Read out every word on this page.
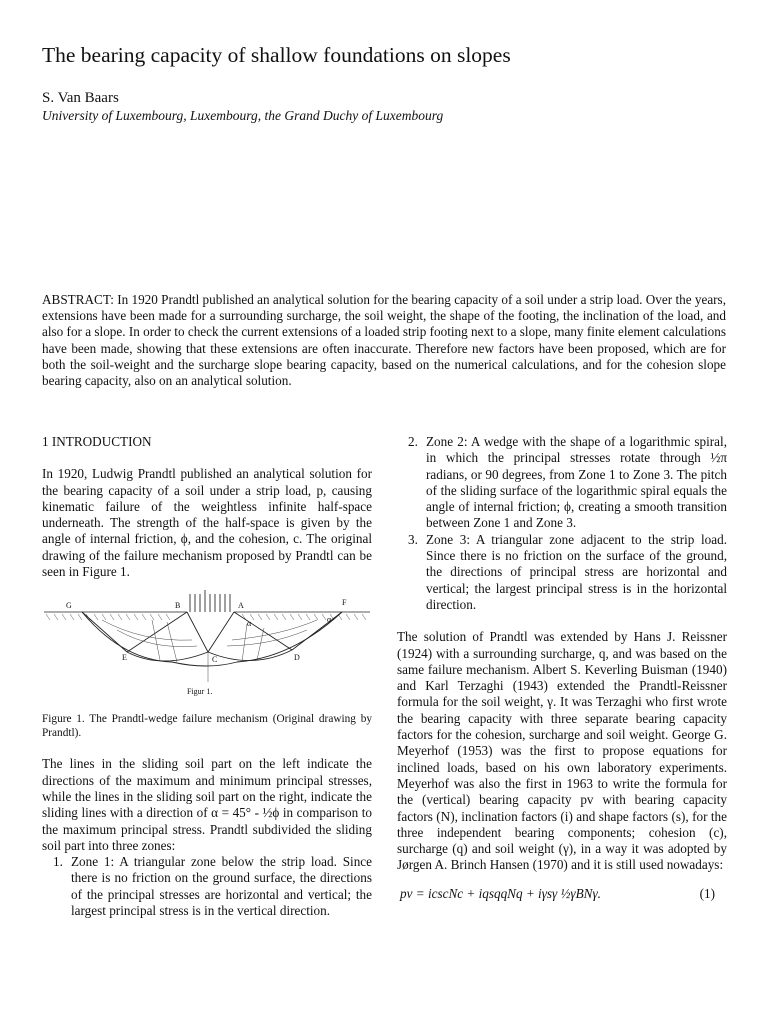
The bearing capacity of shallow foundations on slopes
S. Van Baars
University of Luxembourg, Luxembourg, the Grand Duchy of Luxembourg
ABSTRACT: In 1920 Prandtl published an analytical solution for the bearing capacity of a soil under a strip load. Over the years, extensions have been made for a surrounding surcharge, the soil weight, the shape of the footing, the inclination of the load, and also for a slope. In order to check the current extensions of a loaded strip footing next to a slope, many finite element calculations have been made, showing that these extensions are often inaccurate. Therefore new factors have been proposed, which are for both the soil-weight and the surcharge slope bearing capacity, based on the numerical calculations, and for the cohesion slope bearing capacity, also on an analytical solution.
1 INTRODUCTION

In 1920, Ludwig Prandtl published an analytical solution for the bearing capacity of a soil under a strip load, p, causing kinematic failure of the weightless infinite half-space underneath. The strength of the half-space is given by the angle of internal friction, ϕ, and the cohesion, c. The original drawing of the failure mechanism proposed by Prandtl can be seen in Figure 1.

G	B	A	F
E	C	D
α	α
Figur 1.

Figure 1. The Prandtl-wedge failure mechanism (Original drawing by Prandtl).

The lines in the sliding soil part on the left indicate the directions of the maximum and minimum principal stresses, while the lines in the sliding soil part on the right, indicate the sliding lines with a direction of α = 45° - ½ϕ in comparison to the maximum principal stress. Prandtl subdivided the sliding soil part into three zones:

1. Zone 1: A triangular zone below the strip load. Since there is no friction on the ground surface, the directions of the principal stresses are horizontal and vertical; the largest principal stress is in the vertical direction.
2. Zone 2: A wedge with the shape of a logarithmic spiral, in which the principal stresses rotate through ½π radians, or 90 degrees, from Zone 1 to Zone 3. The pitch of the sliding surface of the logarithmic spiral equals the angle of internal friction; ϕ, creating a smooth transition between Zone 1 and Zone 3.
3. Zone 3: A triangular zone adjacent to the strip load. Since there is no friction on the surface of the ground, the directions of principal stress are horizontal and vertical; the largest principal stress is in the horizontal direction.

The solution of Prandtl was extended by Hans J. Reissner (1924) with a surrounding surcharge, q, and was based on the same failure mechanism. Albert S. Keverling Buisman (1940) and Karl Terzaghi (1943) extended the Prandtl-Reissner formula for the soil weight, γ. It was Terzaghi who first wrote the bearing capacity with three separate bearing capacity factors for the cohesion, surcharge and soil weight. George G. Meyerhof (1953) was the first to propose equations for inclined loads, based on his own laboratory experiments. Meyerhof was also the first in 1963 to write the formula for the (vertical) bearing capacity pv with bearing capacity factors (N), inclination factors (i) and shape factors (s), for the three independent bearing components; cohesion (c), surcharge (q) and soil weight (γ), in a way it was adopted by Jørgen A. Brinch Hansen (1970) and it is still used nowadays:

pv = icscNc + iqsqqNq + iγsγ ½γBNγ.	(1)
